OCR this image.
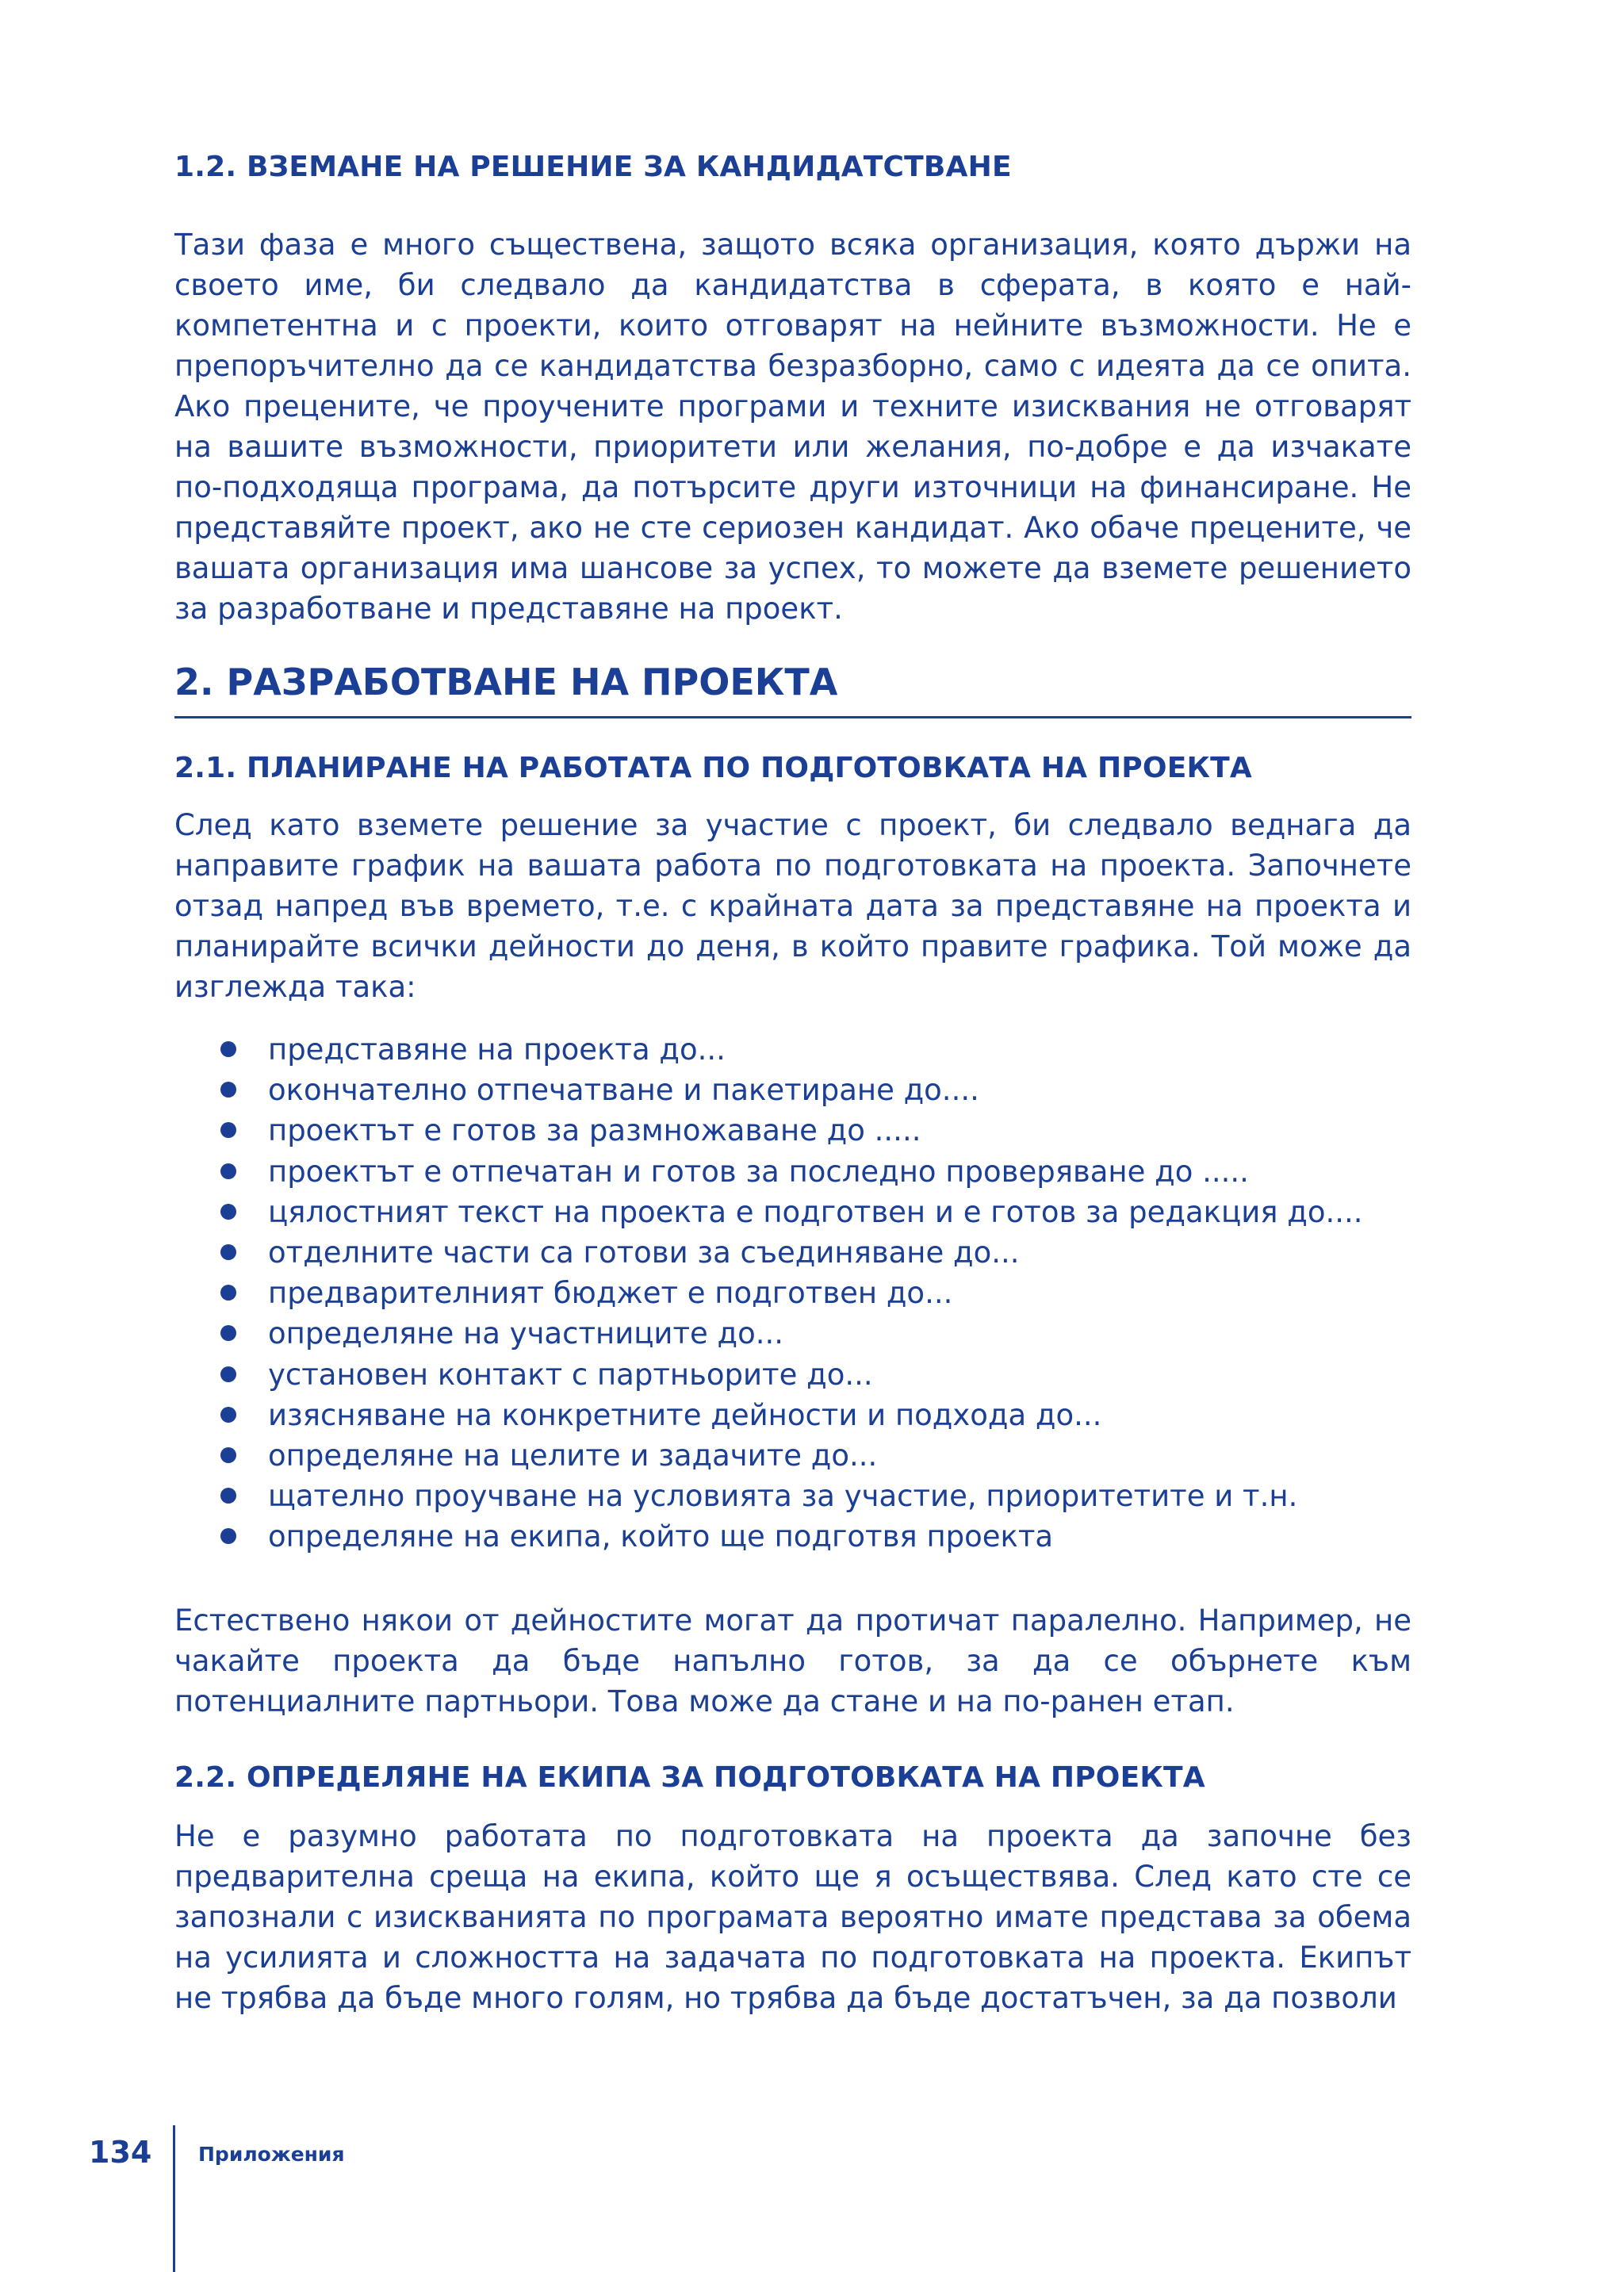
1.2. ВЗЕМАНЕ НА РЕШЕНИЕ ЗА КАНДИДАТСТВАНЕ

Тази фаза е много съществена, защото всяка организация, която държи на своето име, би следвало да кандидатства в сферата, в която е най-компетентна и с проекти, които отговарят на нейните възможности. Не е препоръчително да се кандидатства безразборно, само с идеята да се опита. Ако прецените, че проучените програми и техните изисквания не отговарят на вашите възможности, приоритети или желания, по-добре е да изчакате по-подходяща програма, да потърсите други източници на финансиране. Не представяйте проект, ако не сте сериозен кандидат. Ако обаче прецените, че вашата организация има шансове за успех, то можете да вземете решението за разработване и представяне на проект.

2. РАЗРАБОТВАНЕ НА ПРОЕКТА
2.1. ПЛАНИРАНЕ НА РАБОТАТА ПО ПОДГОТОВКАТА НА ПРОЕКТА

След като вземете решение за участие с проект, би следвало веднага да направите график на вашата работа по подготовката на проекта. Започнете отзад напред във времето, т.е. с крайната дата за представяне на проекта и планирайте всички дейности до деня, в който правите графика. Той може да изглежда така:

представяне на проекта до...
окончателно отпечатване и пакетиране до....
проектът е готов за размножаване до .....
проектът е отпечатан и готов за последно проверяване до .....
цялостният текст на проекта е подготвен и е готов за редакция до....
отделните части са готови за съединяване до...
предварителният бюджет е подготвен до...
определяне на участниците до...
установен контакт с партньорите до...
изясняване на конкретните дейности и подхода до...
определяне на целите и задачите до...
щателно проучване на условията за участие, приоритетите и т.н.
определяне на екипа, който ще подготвя проекта

Естествено някои от дейностите могат да протичат паралелно. Например, не чакайте проекта да бъде напълно готов, за да се обърнете към потенциалните партньори. Това може да стане и на по-ранен етап.

2.2. ОПРЕДЕЛЯНЕ НА ЕКИПА ЗА ПОДГОТОВКАТА НА ПРОЕКТА

Не е разумно работата по подготовката на проекта да започне без предварителна среща на екипа, който ще я осъществява. След като сте се запознали с изискванията по програмата вероятно имате представа за обема на усилията и сложността на задачата по подготовката на проекта. Екипът не трябва да бъде много голям, но трябва да бъде достатъчен, за да позволи

134 Приложения
